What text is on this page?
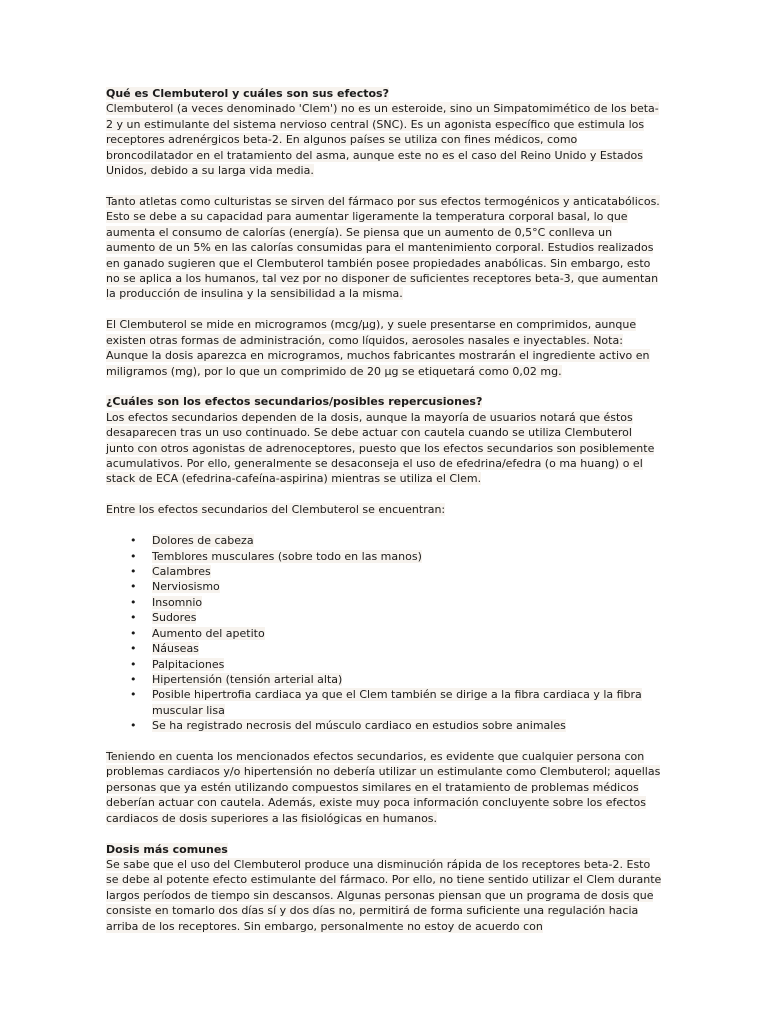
Qué es Clembuterol y cuáles son sus efectos?

Clembuterol (a veces denominado 'Clem') no es un esteroide, sino un Simpatomimético de los beta-2 y un estimulante del sistema nervioso central (SNC). Es un agonista específico que estimula los receptores adrenérgicos beta-2. En algunos países se utiliza con fines médicos, como broncodilatador en el tratamiento del asma, aunque este no es el caso del Reino Unido y Estados Unidos, debido a su larga vida media.

Tanto atletas como culturistas se sirven del fármaco por sus efectos termogénicos y anticatabólicos. Esto se debe a su capacidad para aumentar ligeramente la temperatura corporal basal, lo que aumenta el consumo de calorías (energía). Se piensa que un aumento de 0,5°C conlleva un aumento de un 5% en las calorías consumidas para el mantenimiento corporal. Estudios realizados en ganado sugieren que el Clembuterol también posee propiedades anabólicas. Sin embargo, esto no se aplica a los humanos, tal vez por no disponer de suficientes receptores beta-3, que aumentan la producción de insulina y la sensibilidad a la misma.

El Clembuterol se mide en microgramos (mcg/µg), y suele presentarse en comprimidos, aunque existen otras formas de administración, como líquidos, aerosoles nasales e inyectables. Nota: Aunque la dosis aparezca en microgramos, muchos fabricantes mostrarán el ingrediente activo en miligramos (mg), por lo que un comprimido de 20 µg se etiquetará como 0,02 mg.

¿Cuáles son los efectos secundarios/posibles repercusiones?

Los efectos secundarios dependen de la dosis, aunque la mayoría de usuarios notará que éstos desaparecen tras un uso continuado. Se debe actuar con cautela cuando se utiliza Clembuterol junto con otros agonistas de adrenoceptores, puesto que los efectos secundarios son posiblemente acumulativos. Por ello, generalmente se desaconseja el uso de efedrina/efedra (o ma huang) o el stack de ECA (efedrina-cafeína-aspirina) mientras se utiliza el Clem.

Entre los efectos secundarios del Clembuterol se encuentran:

• Dolores de cabeza
• Temblores musculares (sobre todo en las manos)
• Calambres
• Nerviosismo
• Insomnio
• Sudores
• Aumento del apetito
• Náuseas
• Palpitaciones
• Hipertensión (tensión arterial alta)
• Posible hipertrofia cardiaca ya que el Clem también se dirige a la fibra cardiaca y la fibra muscular lisa
• Se ha registrado necrosis del músculo cardiaco en estudios sobre animales

Teniendo en cuenta los mencionados efectos secundarios, es evidente que cualquier persona con problemas cardiacos y/o hipertensión no debería utilizar un estimulante como Clembuterol; aquellas personas que ya estén utilizando compuestos similares en el tratamiento de problemas médicos deberían actuar con cautela. Además, existe muy poca información concluyente sobre los efectos cardiacos de dosis superiores a las fisiológicas en humanos.

Dosis más comunes

Se sabe que el uso del Clembuterol produce una disminución rápida de los receptores beta-2. Esto se debe al potente efecto estimulante del fármaco. Por ello, no tiene sentido utilizar el Clem durante largos períodos de tiempo sin descansos. Algunas personas piensan que un programa de dosis que consiste en tomarlo dos días sí y dos días no, permitirá de forma suficiente una regulación hacia arriba de los receptores. Sin embargo, personalmente no estoy de acuerdo con
